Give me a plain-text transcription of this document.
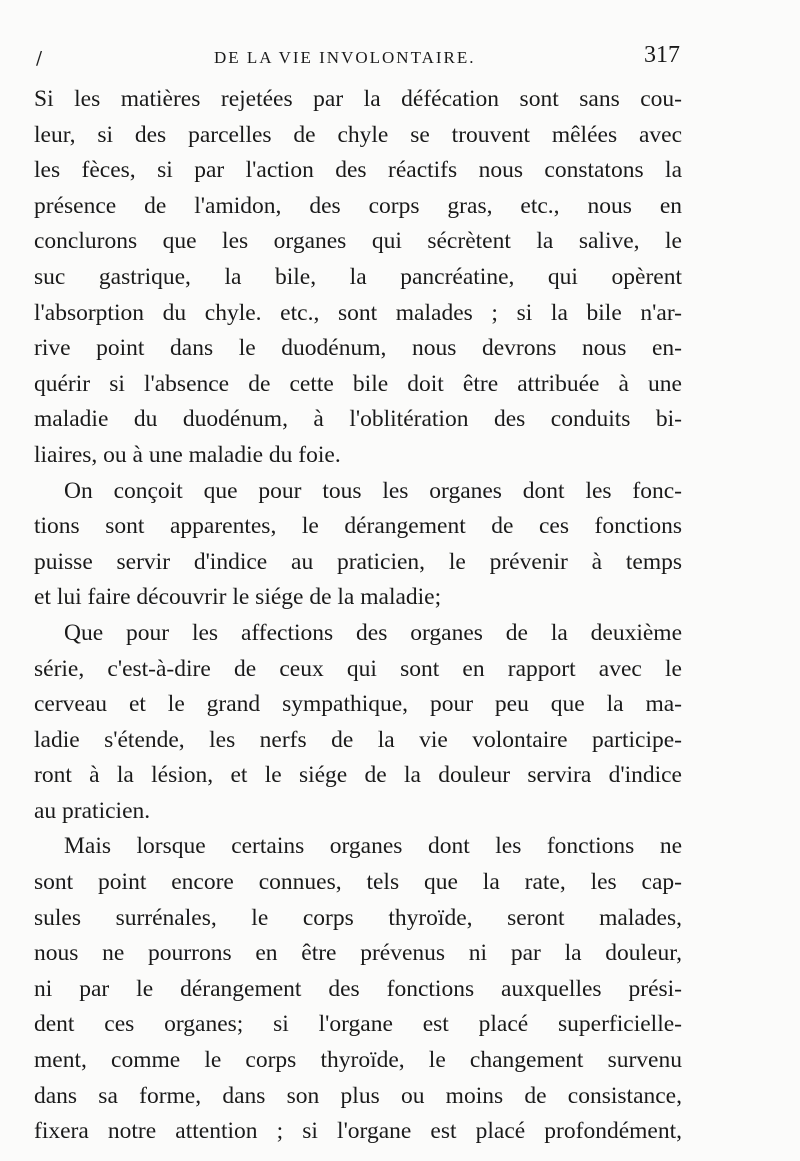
/	DE LA VIE INVOLONTAIRE.	317

Si les matières rejetées par la défécation sont sans cou-
leur, si des parcelles de chyle se trouvent mêlées avec
les fèces, si par l'action des réactifs nous constatons la
présence de l'amidon, des corps gras, etc., nous en
conclurons que les organes qui sécrètent la salive, le
suc gastrique, la bile, la pancréatine, qui opèrent
l'absorption du chyle. etc., sont malades ; si la bile n'ar-
rive point dans le duodénum, nous devrons nous en-
quérir si l'absence de cette bile doit être attribuée à une
maladie du duodénum, à l'oblitération des conduits bi-
liaires, ou à une maladie du foie.

On conçoit que pour tous les organes dont les fonc-
tions sont apparentes, le dérangement de ces fonctions
puisse servir d'indice au praticien, le prévenir à temps
et lui faire découvrir le siége de la maladie;

Que pour les affections des organes de la deuxième
série, c'est-à-dire de ceux qui sont en rapport avec le
cerveau et le grand sympathique, pour peu que la ma-
ladie s'étende, les nerfs de la vie volontaire participe-
ront à la lésion, et le siége de la douleur servira d'indice
au praticien.

Mais lorsque certains organes dont les fonctions ne
sont point encore connues, tels que la rate, les cap-
sules surrénales, le corps thyroïde, seront malades,
nous ne pourrons en être prévenus ni par la douleur,
ni par le dérangement des fonctions auxquelles prési-
dent ces organes; si l'organe est placé superficielle-
ment, comme le corps thyroïde, le changement survenu
dans sa forme, dans son plus ou moins de consistance,
fixera notre attention ; si l'organe est placé profondément,
